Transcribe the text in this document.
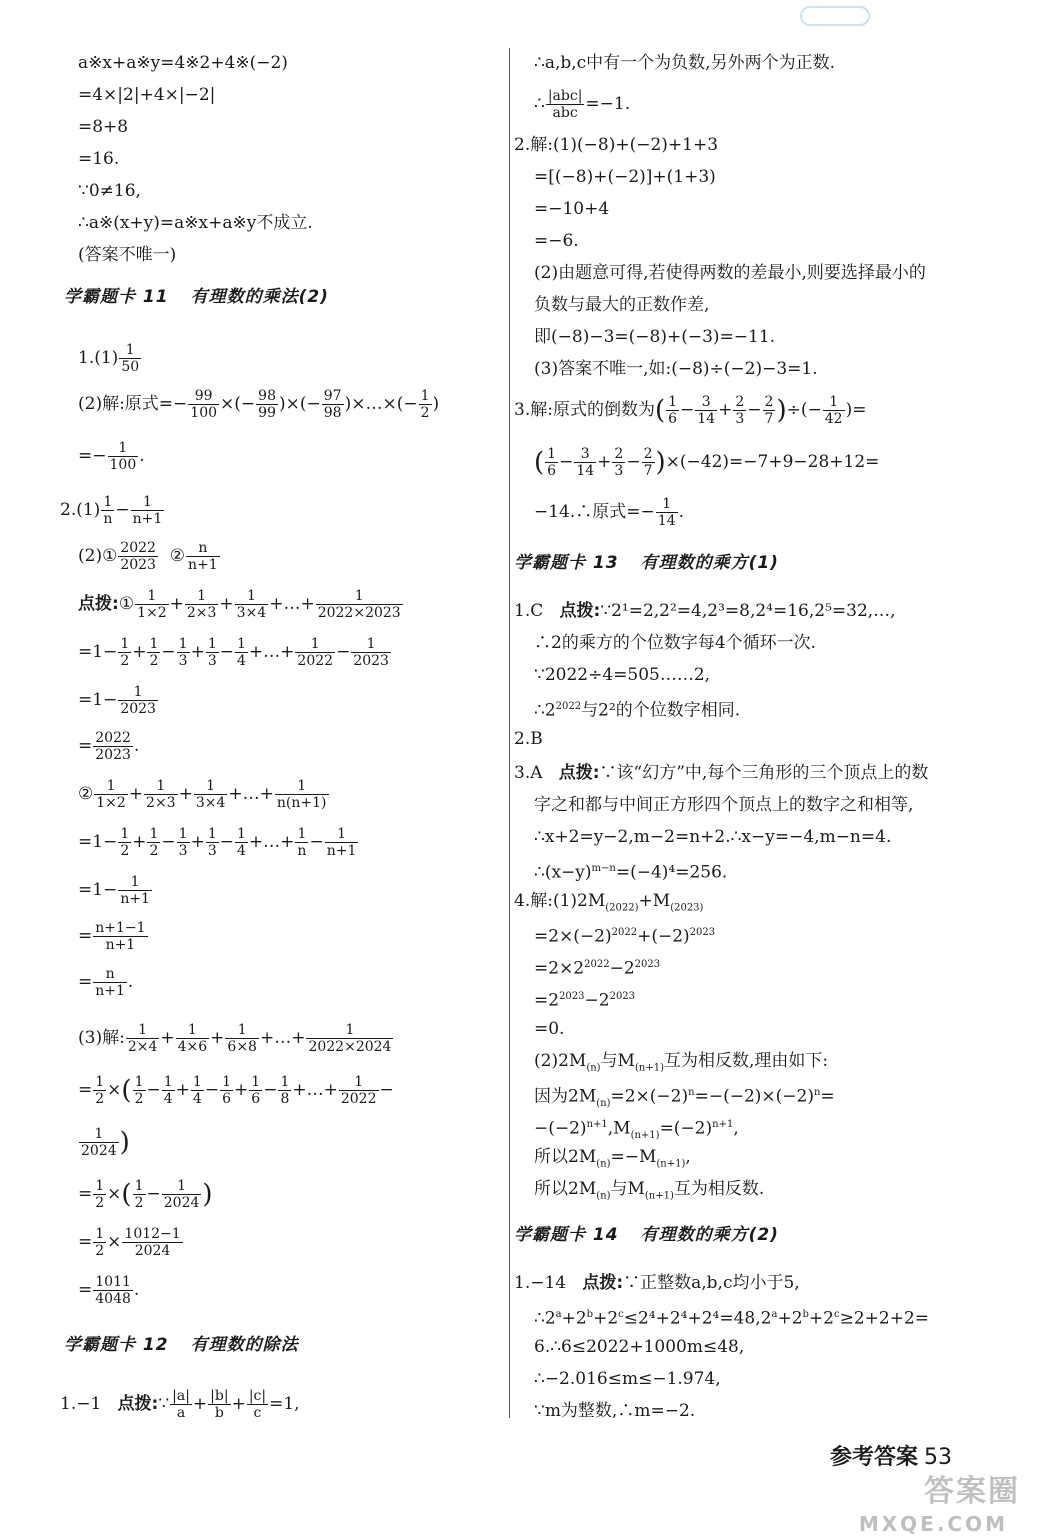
a※x+a※y=4※2+4※(−2)
=4×|2|+4×|−2|
=8+8
=16.
∵0≠16,
∴a※(x+y)=a※x+a※y不成立.
(答案不唯一)
学霸题卡 11 有理数的乘法(2)
$1.(1) \frac{1}{50}$
(2)解:原式=− $\frac{99}{100}$ ×(− $\frac{98}{99}$ )×(− $\frac{97}{98}$ )×…×(− $\frac{1}{2}$ )
=− $\frac{1}{100}$ .
$2.(1) \frac{1}{n} - \frac{1}{n+1}$
(2)① $\frac{2022}{2023}$ ② $\frac{n}{n+1}$
点拨:① $\frac{1}{1\times 2} + \frac{1}{2\times 3} + \frac{1}{3\times 4}$ +…+ $\frac{1}{2022\times 2023}$
$=1- \frac{1}{2} + \frac{1}{2} - \frac{1}{3} + \frac{1}{3} - \frac{1}{4}$ +…+ $\frac{1}{2022} - \frac{1}{2023}$
$=1- \frac{1}{2023}$
= $\frac{2022}{2023}$ .
② $\frac{1}{1\times 2} + \frac{1}{2\times 3} + \frac{1}{3\times 4}$ +…+ $\frac{1}{n(n+1)}$
$=1- \frac{1}{2} + \frac{1}{2} - \frac{1}{3} + \frac{1}{3} - \frac{1}{4}$ +…+ $\frac{1}{n} - \frac{1}{n+1}$
$=1- \frac{1}{n+1}$
= $\frac{n+1-1}{n+1}$
= $\frac{n}{n+1}$ .
(3)解: $\frac{1}{2\times 4} + \frac{1}{4\times 6} + \frac{1}{6\times 8}$ +…+ $\frac{1}{2022\times 2024}$
= $\frac{1}{2}$ ×( $\frac{1}{2} - \frac{1}{4} + \frac{1}{4} - \frac{1}{6} + \frac{1}{6} - \frac{1}{8}$ +…+ $\frac{1}{2022}$ −
$\frac{1}{2024}$ )
= $\frac{1}{2}$ ×( $\frac{1}{2} - \frac{1}{2024}$ )
= $\frac{1}{2} \times \frac{1012-1}{2024}$
= $\frac{1011}{4048}$ .
学霸题卡 12 有理数的除法
1.−1 点拨:∵ $\frac{|a|}{a} + \frac{|b|}{b} + \frac{|c|}{c} =1$,
∴a,b,c中有一个为负数,另外两个为正数.
∴ $\frac{\text{|abc|}}{\text{abc}} =-1$.
2.解:(1)(−8)+(−2)+1+3
=[(−8)+(−2)]+(1+3)
=−10+4
=−6.
(2)由题意可得,若使得两数的差最小,则要选择最小的
负数与最大的正数作差,
即(−8)−3=(−8)+(−3)=−11.
(3)答案不唯一,如:(−8)÷(−2)−3=1.
3.解:原式的倒数为( $\frac{1}{6} - \frac{3}{14} + \frac{2}{3} - \frac{2}{7}$ )÷(− $\frac{1}{42}$ )=
( $\frac{1}{6} - \frac{3}{14} + \frac{2}{3} - \frac{2}{7} )\times(-42)=-7+9-28+12=$
−14.∴原式=− $\frac{1}{14}$ .
学霸题卡 13 有理数的乘方(1)
1.C 点拨:∵2¹=2,2²=4,2³=8,2⁴=16,2⁵=32,…,
∴2的乘方的个位数字每4个循环一次.
∵2022÷4=505……2,
$\therefore 2^{2022}$与2²的个位数字相同.
2.B
3.A 点拨:∵该“幻方”中,每个三角形的三个顶点上的数
字之和都与中间正方形四个顶点上的数字之和相等,
∴x+2=y−2,m−2=n+2.∴x−y=−4,m−n=4.
$\therefore(x-y)^{m-n}=(-4)^4=256$.
4.解$:(1)2M_{(2022)}+M_{(2023)}$
$=2\times(-2)^{2022}+(-2)^{2023}$
$=2\times 2^{2022}-2^{2023}$
$=2^{2023}-2^{2023}$
=0.
$(2)2M_{(n)}$与$M_{(n+1)}$互为相反数,理由如下:
因为$2M_{(n)}=2\times(-2)^n=-(-2)\times(-2)^n=$
$-(-2)^{n+1},M_{(n+1)}=(-2)^{n+1}$,
所以$2M_{(n)}=-M_{(n+1)}$,
所以$2M_{(n)}$与$M_{(n+1)}$互为相反数.
学霸题卡 14 有理数的乘方(2)
1.−14 点拨:∵正整数a,b,c均小于5,
$\therefore 2^a+2^b+2^c\le 2^4+2^4+2^4=48,2^a+2^b+2^c\ge 2+2+2=$
6.∴6≤2022+1000m≤48,
∴−2.016≤m≤−1.974,
∵m为整数,∴m=−2.
参考答案 53
答案圈
MXQE.COM
